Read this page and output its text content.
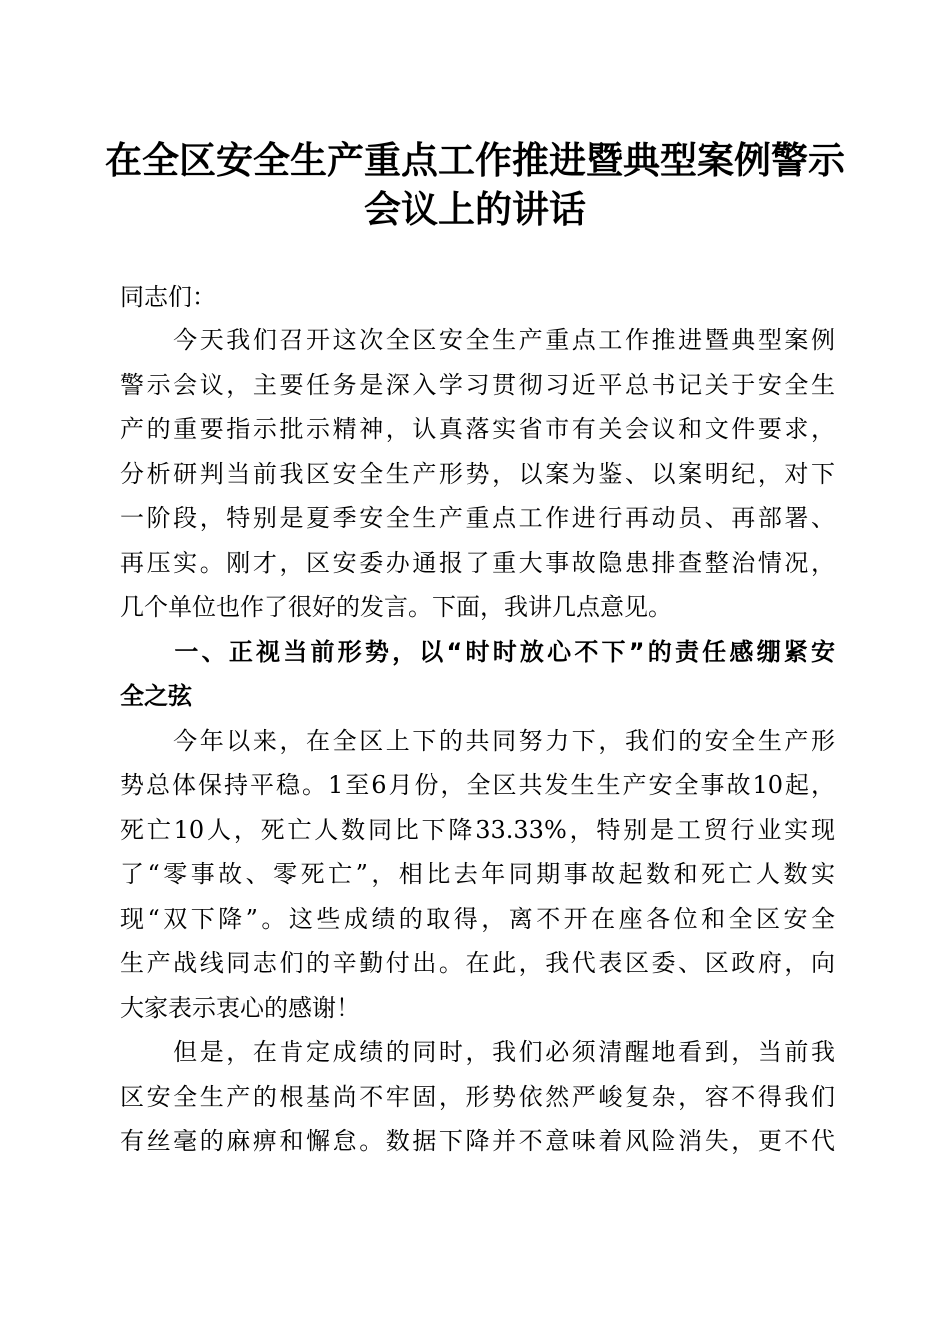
在全区安全生产重点工作推进暨典型案例警示
会议上的讲话
同志们：
　　今天我们召开这次全区安全生产重点工作推进暨典型案例
警示会议，主要任务是深入学习贯彻习近平总书记关于安全生
产的重要指示批示精神，认真落实省市有关会议和文件要求，
分析研判当前我区安全生产形势，以案为鉴、以案明纪，对下
一阶段，特别是夏季安全生产重点工作进行再动员、再部署、
再压实。刚才，区安委办通报了重大事故隐患排查整治情况，
几个单位也作了很好的发言。下面，我讲几点意见。
　　一、正视当前形势，以“时时放心不下”的责任感绷紧安
全之弦
　　今年以来，在全区上下的共同努力下，我们的安全生产形
势总体保持平稳。1至6月份，全区共发生生产安全事故10起，
死亡10人，死亡人数同比下降33.33%，特别是工贸行业实现
了“零事故、零死亡”，相比去年同期事故起数和死亡人数实
现“双下降”。这些成绩的取得，离不开在座各位和全区安全
生产战线同志们的辛勤付出。在此，我代表区委、区政府，向
大家表示衷心的感谢！
　　但是，在肯定成绩的同时，我们必须清醒地看到，当前我
区安全生产的根基尚不牢固，形势依然严峻复杂，容不得我们
有丝毫的麻痹和懈怠。数据下降并不意味着风险消失，更不代
